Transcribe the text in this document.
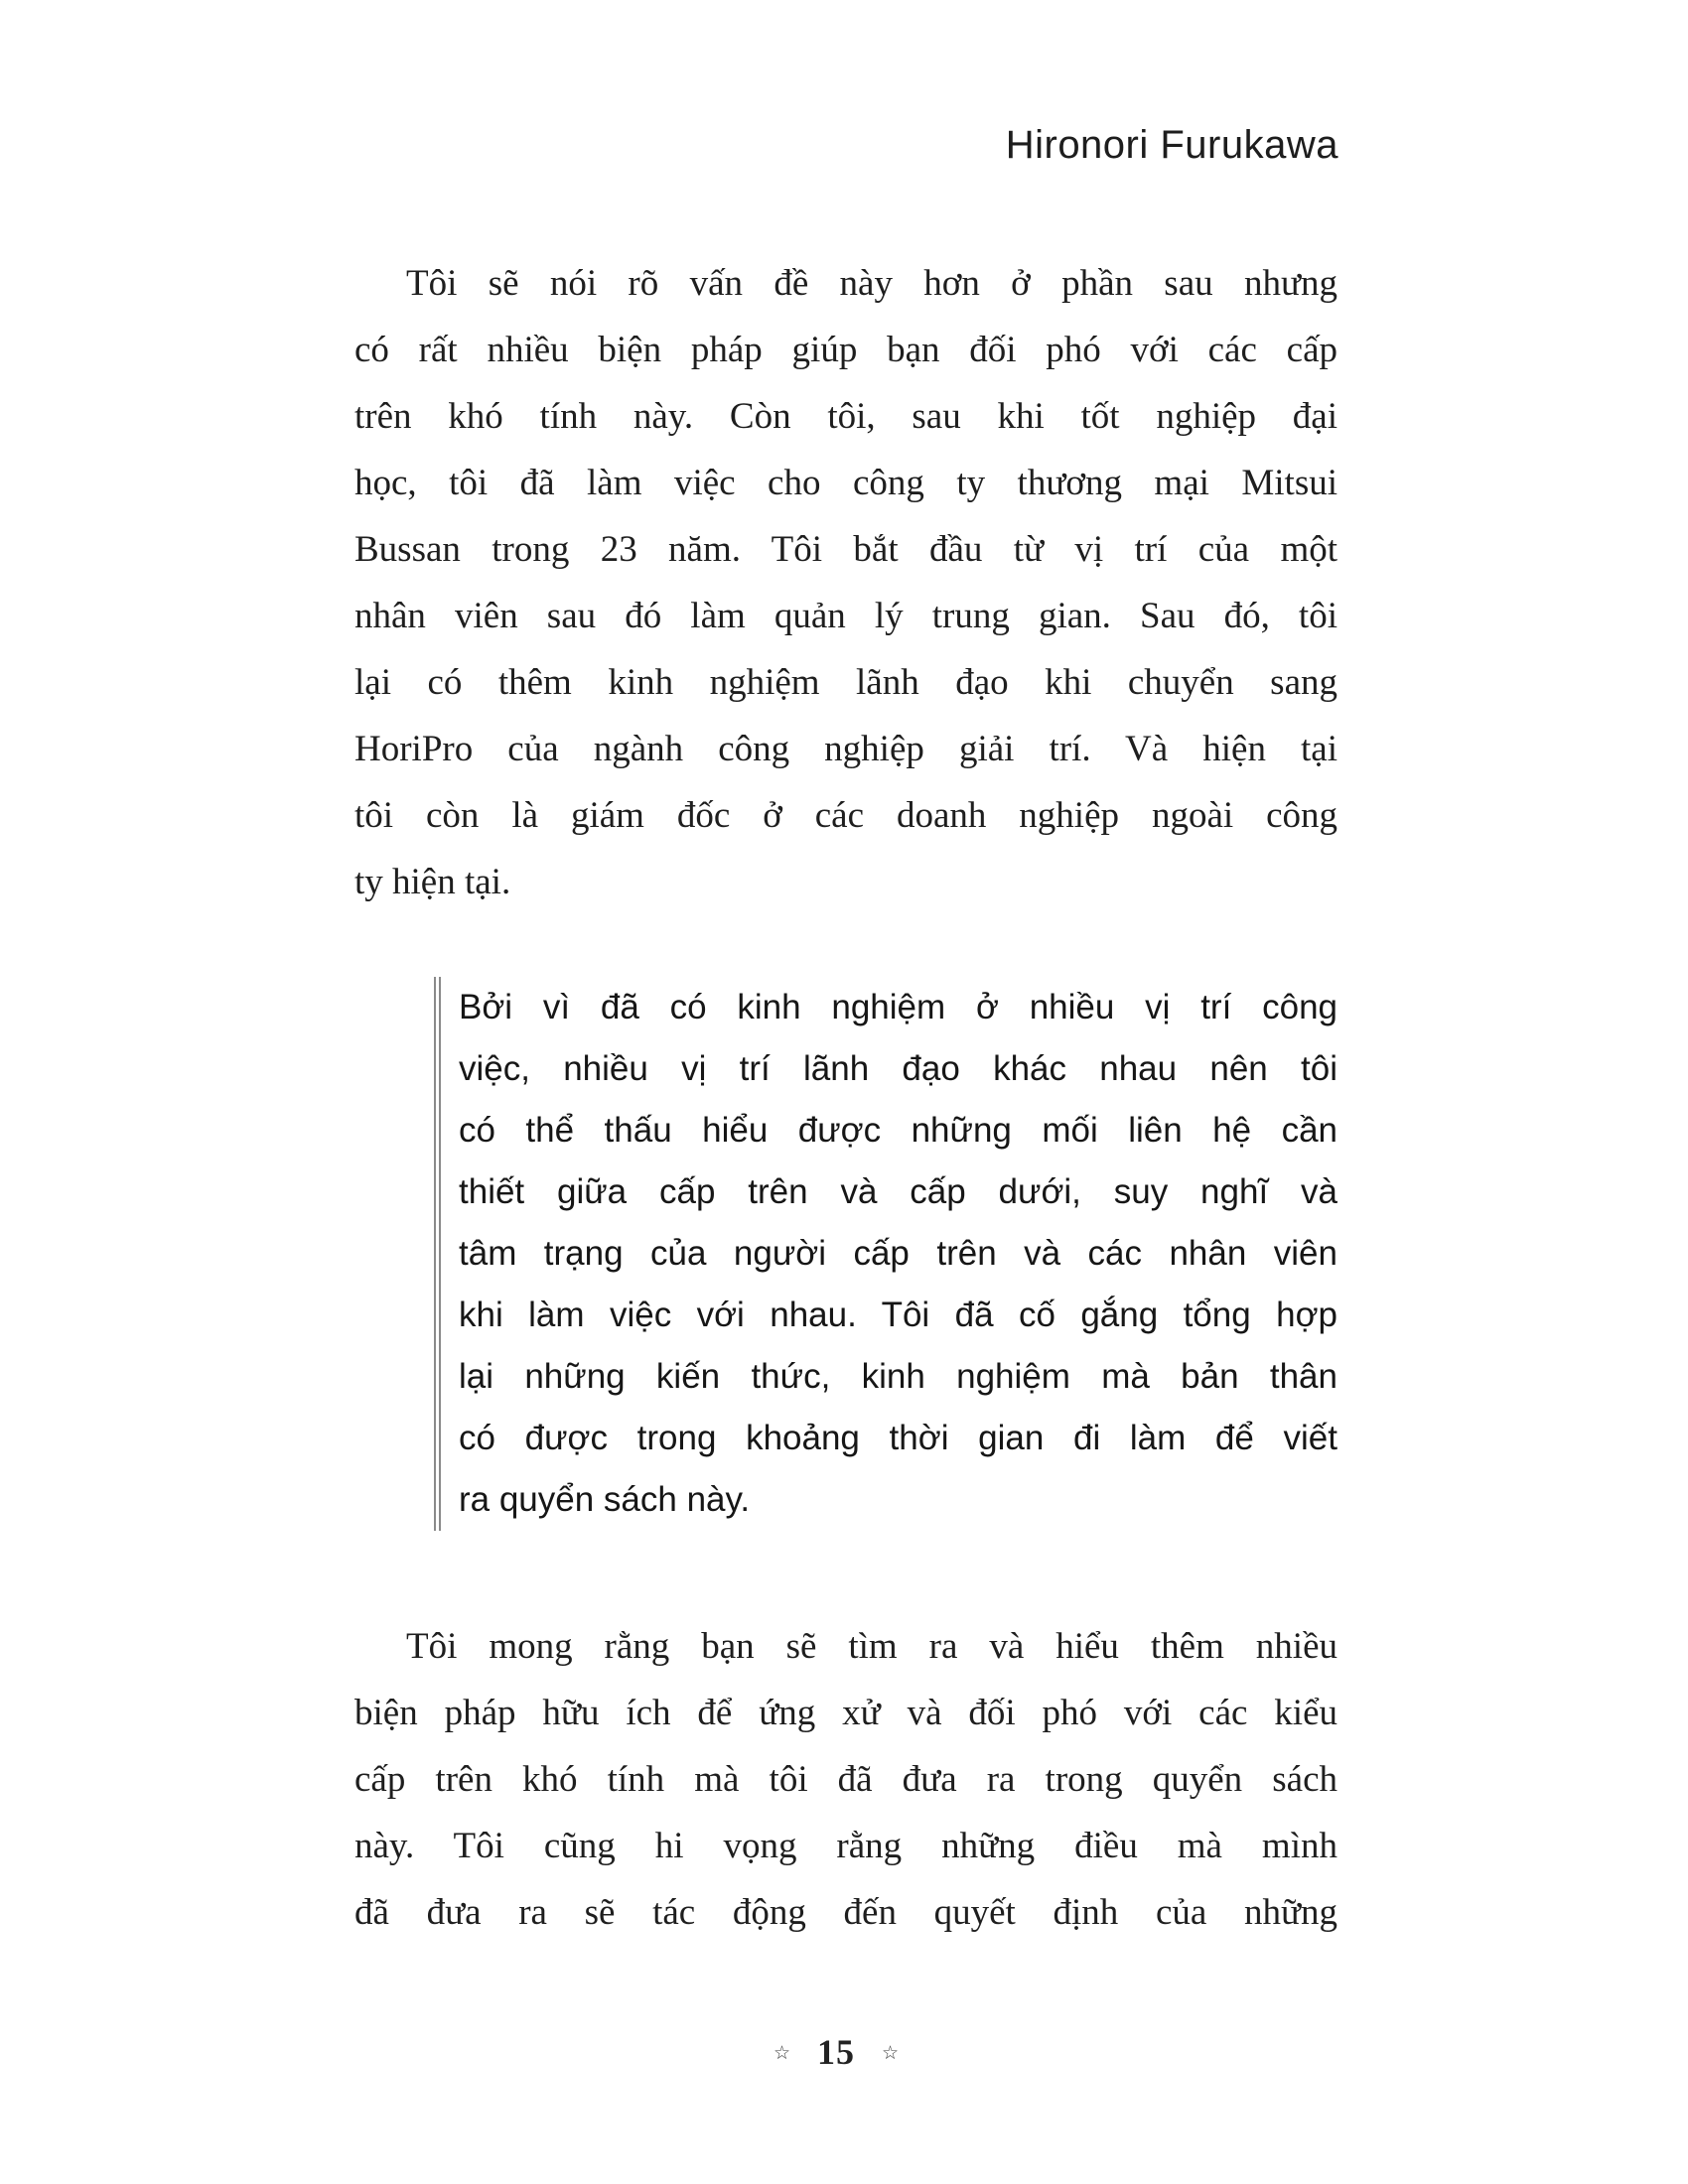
Hironori Furukawa
Tôi sẽ nói rõ vấn đề này hơn ở phần sau nhưng
có rất nhiều biện pháp giúp bạn đối phó với các cấp
trên khó tính này. Còn tôi, sau khi tốt nghiệp đại
học, tôi đã làm việc cho công ty thương mại Mitsui
Bussan trong 23 năm. Tôi bắt đầu từ vị trí của một
nhân viên sau đó làm quản lý trung gian. Sau đó, tôi
lại có thêm kinh nghiệm lãnh đạo khi chuyển sang
HoriPro của ngành công nghiệp giải trí. Và hiện tại
tôi còn là giám đốc ở các doanh nghiệp ngoài công
ty hiện tại.
Bởi vì đã có kinh nghiệm ở nhiều vị trí công
việc, nhiều vị trí lãnh đạo khác nhau nên tôi
có thể thấu hiểu được những mối liên hệ cần
thiết giữa cấp trên và cấp dưới, suy nghĩ và
tâm trạng của người cấp trên và các nhân viên
khi làm việc với nhau. Tôi đã cố gắng tổng hợp
lại những kiến thức, kinh nghiệm mà bản thân
có được trong khoảng thời gian đi làm để viết
ra quyển sách này.
Tôi mong rằng bạn sẽ tìm ra và hiểu thêm nhiều
biện pháp hữu ích để ứng xử và đối phó với các kiểu
cấp trên khó tính mà tôi đã đưa ra trong quyển sách
này. Tôi cũng hi vọng rằng những điều mà mình
đã đưa ra sẽ tác động đến quyết định của những
☆ 15 ☆
